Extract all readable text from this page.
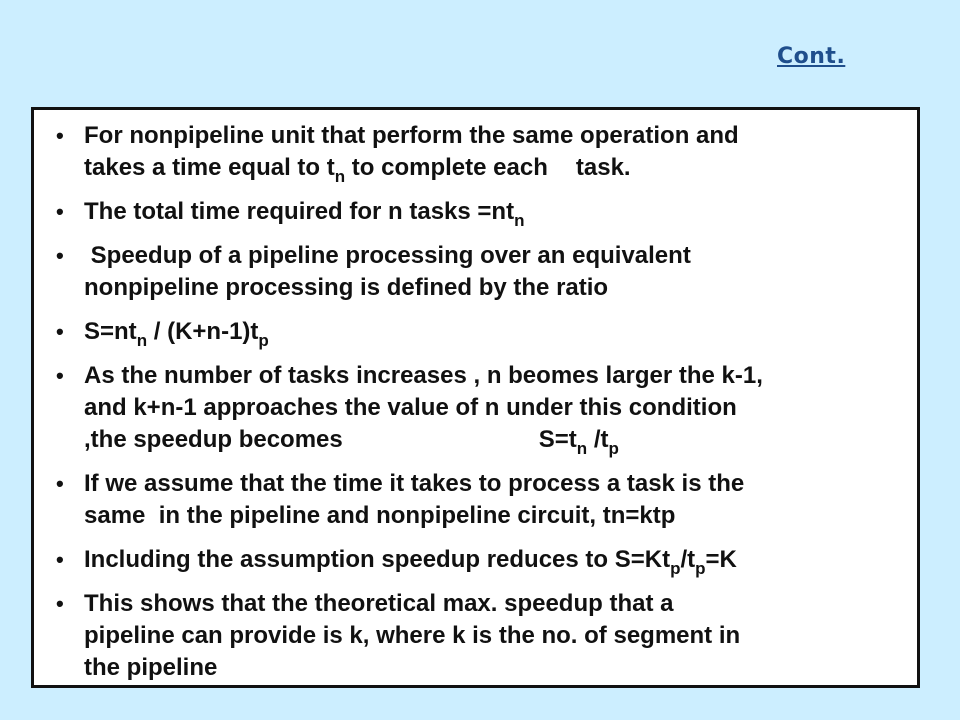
Cont.
• For nonpipeline unit that perform the same operation and
takes a time equal to $t_n$ to complete each task.
• The total time required for n tasks $=nt_n$
• Speedup of a pipeline processing over an equivalent
nonpipeline processing is defined by the ratio
• $S=nt_n / (K+n-1)t_p$
• As the number of tasks increases , n beomes larger the k-1,
and k+n-1 approaches the value of n under this condition
,the speedup becomes	$S=t_n$ $/t_p$
• If we assume that the time it takes to process a task is the
same  in the pipeline and nonpipeline circuit, tn=ktp
• Including the assumption speedup reduces to $S=Kt_p/t_p=K$
• This shows that the theoretical max. speedup that a
pipeline can provide is k, where k is the no. of segment in
the pipeline
